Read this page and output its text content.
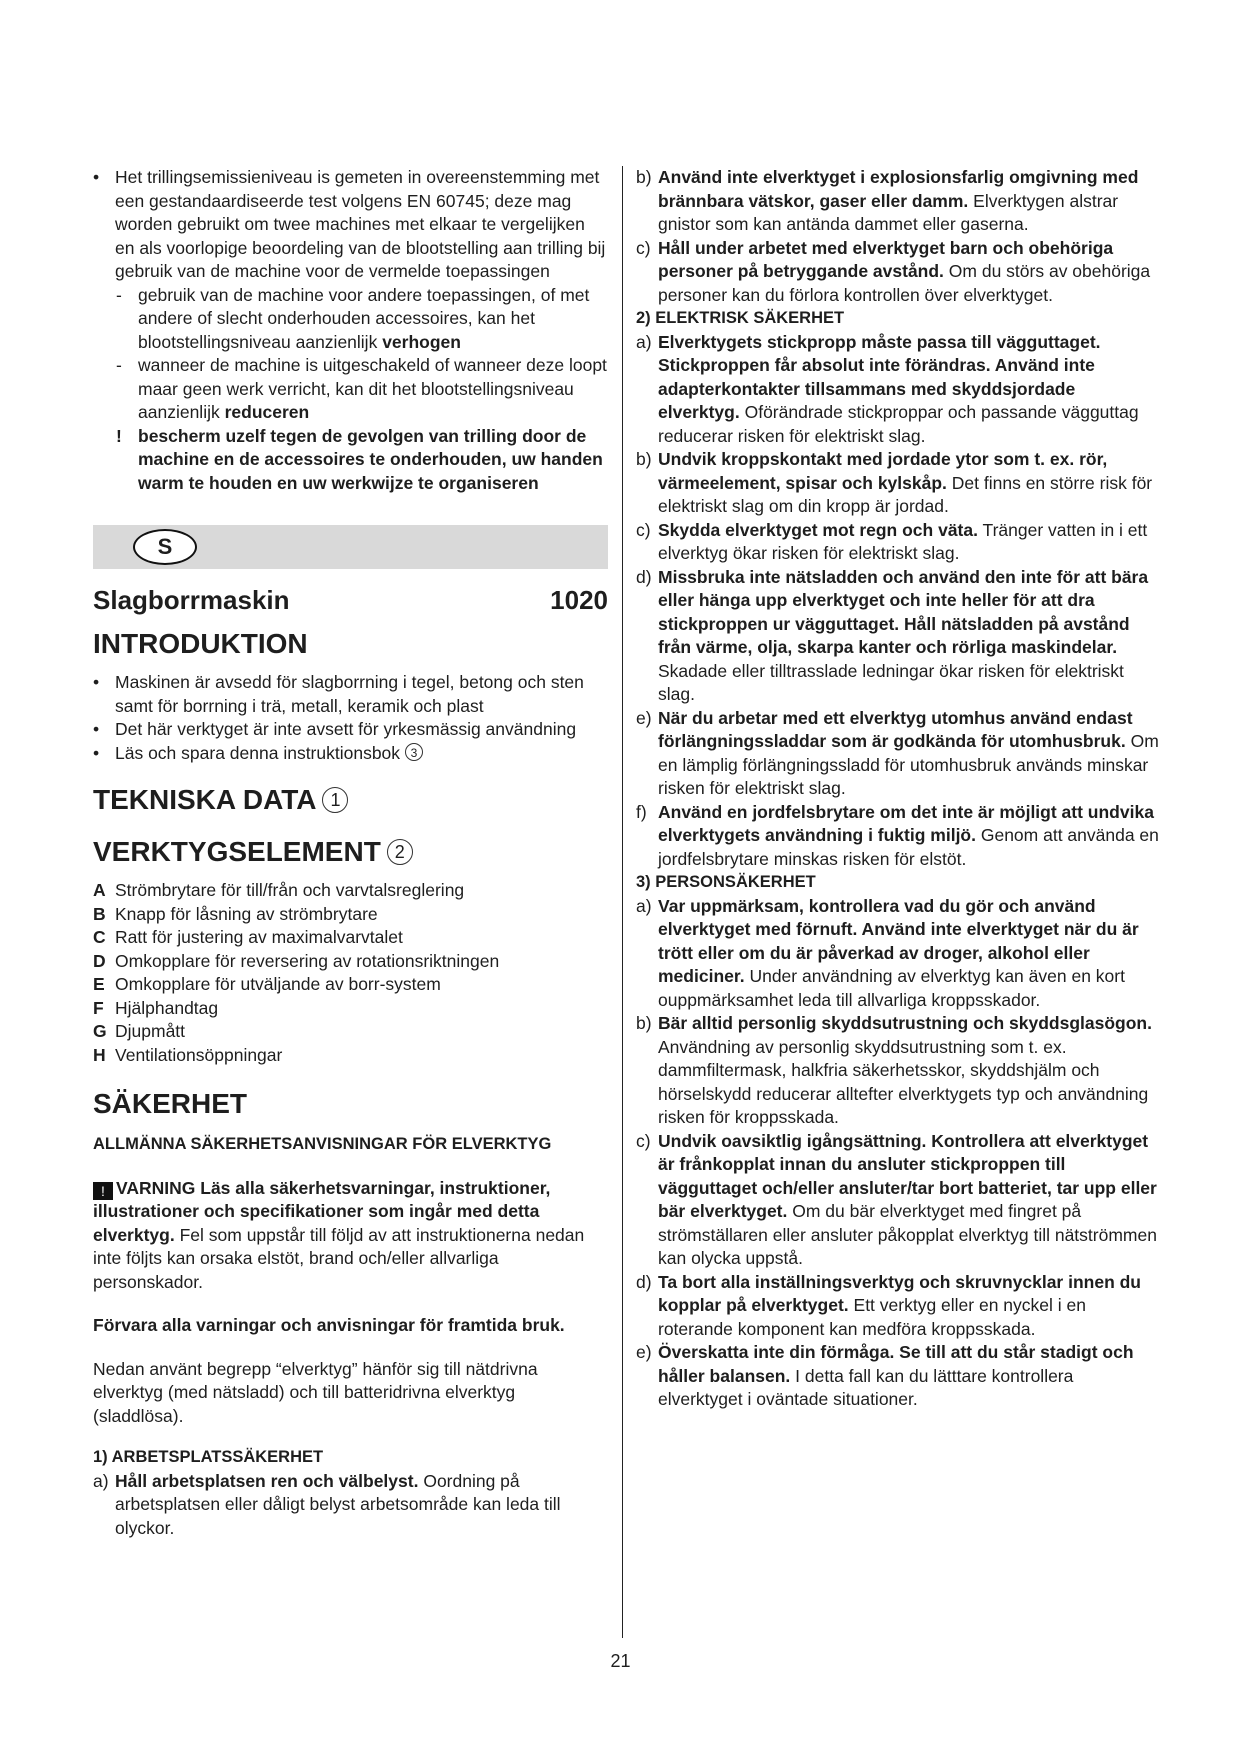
• Het trillingsemissieniveau is gemeten in overeenstemming met een gestandaardiseerde test volgens EN 60745; deze mag worden gebruikt om twee machines met elkaar te vergelijken en als voorlopige beoordeling van de blootstelling aan trilling bij gebruik van de machine voor de vermelde toepassingen

- gebruik van de machine voor andere toepassingen, of met andere of slecht onderhouden accessoires, kan het blootstellingsniveau aanzienlijk verhogen

- wanneer de machine is uitgeschakeld of wanneer deze loopt maar geen werk verricht, kan dit het blootstellingsniveau aanzienlijk reduceren

! bescherm uzelf tegen de gevolgen van trilling door de machine en de accessoires te onderhouden, uw handen warm te houden en uw werkwijze te organiseren

S
Slagborrmaskin	1020
INTRODUKTION

• Maskinen är avsedd för slagborrning i tegel, betong och sten samt för borrning i trä, metall, keramik och plast

• Det här verktyget är inte avsett för yrkesmässig användning

• Läs och spara denna instruktionsbok 3

TEKNISKA DATA 1
VERKTYGSELEMENT 2
A Strömbrytare för till/från och varvtalsreglering
B Knapp för låsning av strömbrytare
C Ratt för justering av maximalvarvtalet
D Omkopplare för reversering av rotationsriktningen
E Omkopplare för utväljande av borr-system
F Hjälphandtag
G Djupmått
H Ventilationsöppningar
SÄKERHET

ALLMÄNNA SÄKERHETSANVISNINGAR FÖR ELVERKTYG

! VARNING Läs alla säkerhetsvarningar, instruktioner, illustrationer och specifikationer som ingår med detta elverktyg. Fel som uppstår till följd av att instruktionerna nedan inte följts kan orsaka elstöt, brand och/eller allvarliga personskador.

Förvara alla varningar och anvisningar för framtida bruk.

Nedan använt begrepp “elverktyg” hänför sig till nätdrivna elverktyg (med nätsladd) och till batteridrivna elverktyg (sladdlösa).

1) ARBETSPLATSSÄKERHET

a) Håll arbetsplatsen ren och välbelyst. Oordning på arbetsplatsen eller dåligt belyst arbetsområde kan leda till olyckor.

b) Använd inte elverktyget i explosionsfarlig omgivning med brännbara vätskor, gaser eller damm. Elverktygen alstrar gnistor som kan antända dammet eller gaserna.

c) Håll under arbetet med elverktyget barn och obehöriga personer på betryggande avstånd. Om du störs av obehöriga personer kan du förlora kontrollen över elverktyget.

2) ELEKTRISK SÄKERHET

a) Elverktygets stickpropp måste passa till vägguttaget. Stickproppen får absolut inte förändras. Använd inte adapterkontakter tillsammans med skyddsjordade elverktyg. Oförändrade stickproppar och passande vägguttag reducerar risken för elektriskt slag.

b) Undvik kroppskontakt med jordade ytor som t. ex. rör, värmeelement, spisar och kylskåp. Det finns en större risk för elektriskt slag om din kropp är jordad.

c) Skydda elverktyget mot regn och väta. Tränger vatten in i ett elverktyg ökar risken för elektriskt slag.

d) Missbruka inte nätsladden och använd den inte för att bära eller hänga upp elverktyget och inte heller för att dra stickproppen ur vägguttaget. Håll nätsladden på avstånd från värme, olja, skarpa kanter och rörliga maskindelar. Skadade eller tilltrasslade ledningar ökar risken för elektriskt slag.

e) När du arbetar med ett elverktyg utomhus använd endast förlängningssladdar som är godkända för utomhusbruk. Om en lämplig förlängningssladd för utomhusbruk används minskar risken för elektriskt slag.

f) Använd en jordfelsbrytare om det inte är möjligt att undvika elverktygets användning i fuktig miljö. Genom att använda en jordfelsbrytare minskas risken för elstöt.

3) PERSONSÄKERHET

a) Var uppmärksam, kontrollera vad du gör och använd elverktyget med förnuft. Använd inte elverktyget när du är trött eller om du är påverkad av droger, alkohol eller mediciner. Under användning av elverktyg kan även en kort ouppmärksamhet leda till allvarliga kroppsskador.

b) Bär alltid personlig skyddsutrustning och skyddsglasögon. Användning av personlig skyddsutrustning som t. ex. dammfiltermask, halkfria säkerhetsskor, skyddshjälm och hörselskydd reducerar alltefter elverktygets typ och användning risken för kroppsskada.

c) Undvik oavsiktlig igångsättning. Kontrollera att elverktyget är frånkopplat innan du ansluter stickproppen till vägguttaget och/eller ansluter/tar bort batteriet, tar upp eller bär elverktyget. Om du bär elverktyget med fingret på strömställaren eller ansluter påkopplat elverktyg till nätströmmen kan olycka uppstå.

d) Ta bort alla inställningsverktyg och skruvnycklar innen du kopplar på elverktyget. Ett verktyg eller en nyckel i en roterande komponent kan medföra kroppsskada.

e) Överskatta inte din förmåga. Se till att du står stadigt och håller balansen. I detta fall kan du lätttare kontrollera elverktyget i oväntade situationer.

21
